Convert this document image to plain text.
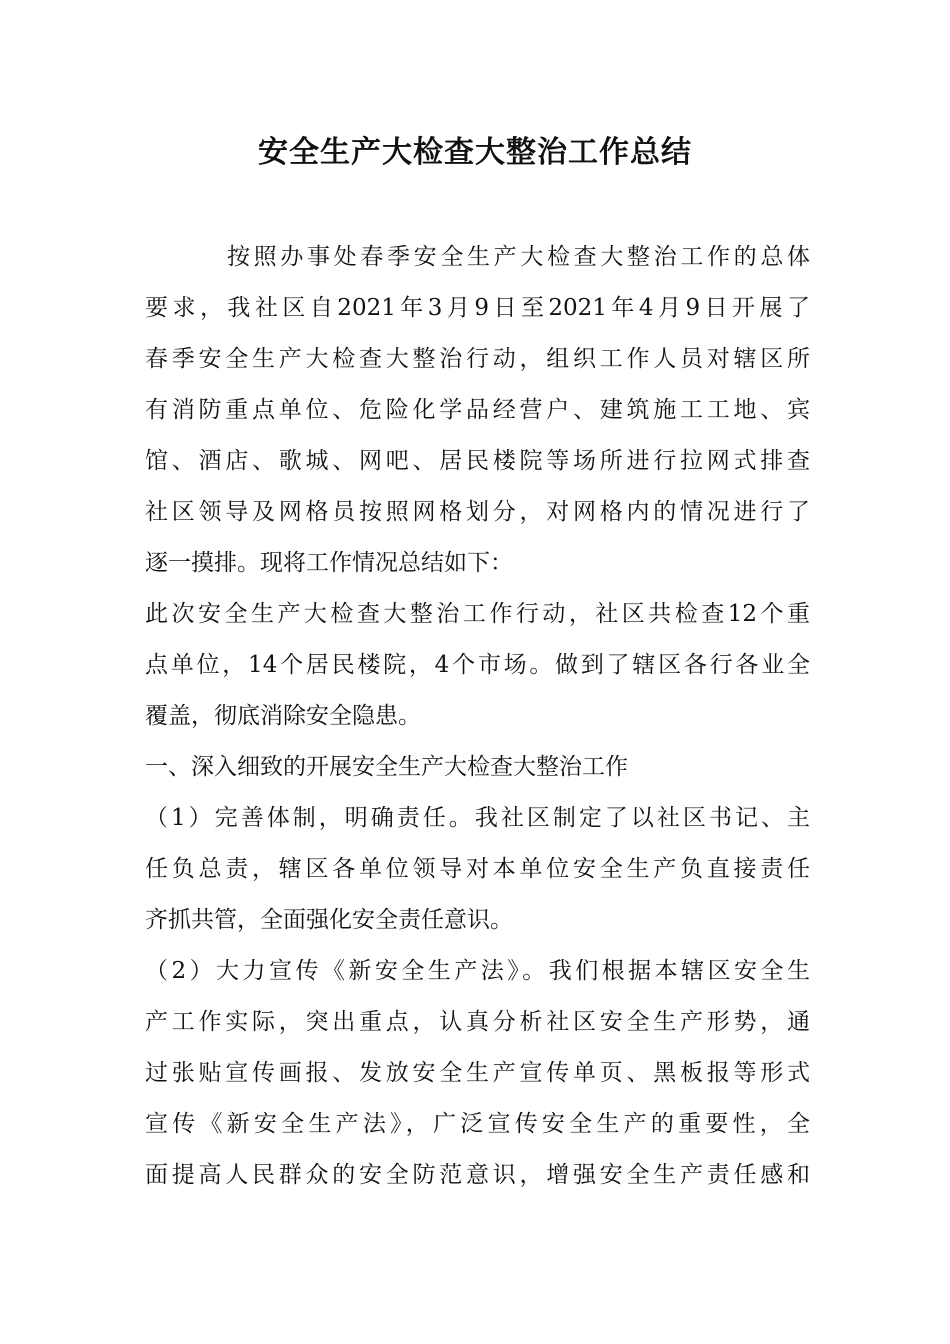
安全生产大检查大整治工作总结
按照办事处春季安全生产大检查大整治工作的总体
要求，我社区自2021年3月9日至2021年4月9日开展了
春季安全生产大检查大整治行动，组织工作人员对辖区所
有消防重点单位、危险化学品经营户、建筑施工工地、宾
馆、酒店、歌城、网吧、居民楼院等场所进行拉网式排查
社区领导及网格员按照网格划分，对网格内的情况进行了
逐一摸排。现将工作情况总结如下：
此次安全生产大检查大整治工作行动，社区共检查12个重
点单位，14个居民楼院，4个市场。做到了辖区各行各业全
覆盖，彻底消除安全隐患。
一、深入细致的开展安全生产大检查大整治工作
（1）完善体制，明确责任。我社区制定了以社区书记、主
任负总责，辖区各单位领导对本单位安全生产负直接责任
齐抓共管，全面强化安全责任意识。
（2）大力宣传《新安全生产法》。我们根据本辖区安全生
产工作实际，突出重点，认真分析社区安全生产形势，通
过张贴宣传画报、发放安全生产宣传单页、黑板报等形式
宣传《新安全生产法》，广泛宣传安全生产的重要性，全
面提高人民群众的安全防范意识，增强安全生产责任感和
